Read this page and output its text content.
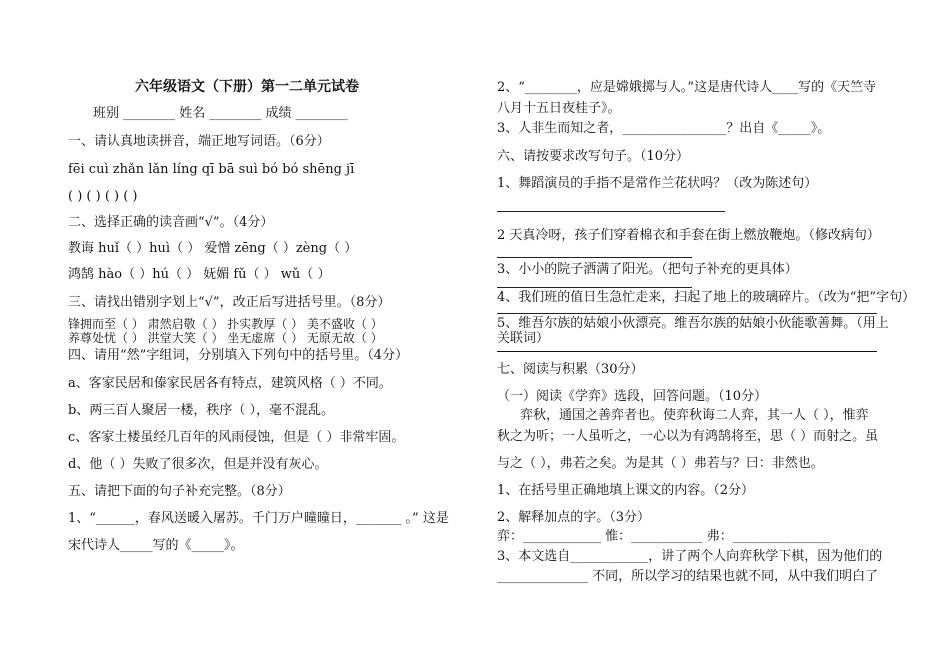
六年级语文（下册）第一二单元试卷
班别 ________ 姓名 ________ 成绩 ________
一、请认真地读拼音，端正地写词语。（6分）
fēi cuì zhǎn lǎn líng qī bā suì bó bó shēng jī
( ) ( ) ( ) ( )
二、选择正确的读音画“√”。（4分）
教诲 huǐ（ ）huì（ ） 爱憎 zēng（ ）zèng（ ）
鸿鹄 hào（ ）hú（ ） 妩媚 fǔ（ ） wǔ（ ）
三、请找出错别字划上“√”，改正后写进括号里。（8分）
锋拥而至（ ） 肃然启敬（ ） 扑实教厚（ ） 美不盛收（ ）
养尊处忧（ ） 洪堂大笑（ ） 坐无虚席（ ） 无原无故（ ）
四、请用“然”字组词，分别填入下列句中的括号里。（4分）
a、客家民居和傣家民居各有特点，建筑风格（ ）不同。
b、两三百人聚居一楼，秩序（ ），毫不混乱。
c、客家土楼虽经几百年的风雨侵蚀，但是（ ）非常牢固。
d、他（ ）失败了很多次，但是并没有灰心。
五、请把下面的句子补充完整。（8分）
1、“______，春风送暖入屠苏。千门万户曈曈日，_______ 。” 这是
宋代诗人_____写的《_____》。
2、“________，应是嫦娥掷与人。”这是唐代诗人____写的《天竺寺
八月十五日夜桂子》。
3、人非生而知之者，________________？出自《_____》。
六、请按要求改写句子。（10分）
1、舞蹈演员的手指不是常作兰花状吗？（改为陈述句）
2 天真冷呀，孩子们穿着棉衣和手套在街上燃放鞭炮。（修改病句）
3、小小的院子洒满了阳光。（把句子补充的更具体）
4、我们班的值日生急忙走来，扫起了地上的玻璃碎片。（改为“把”字句）
5、维吾尔族的姑娘小伙漂亮。维吾尔族的姑娘小伙能歌善舞。（用上
关联词）
七、阅读与积累（30分）
（一）阅读《学弈》选段，回答问题。（10分）
弈秋，通国之善弈者也。使弈秋诲二人弈，其一人（ ），惟弈
秋之为听；一人虽听之，一心以为有鸿鹄将至，思（ ）而射之。虽
与之（ ），弗若之矣。为是其（ ）弗若与？曰：非然也。
1、在括号里正确地填上课文的内容。（2分）
2、解释加点的字。（3分）
弈：____________ 惟：___________ 弗：_______________
3、本文选自____________，讲了两个人向弈秋学下棋，因为他们的
______________ 不同，所以学习的结果也就不同，从中我们明白了
